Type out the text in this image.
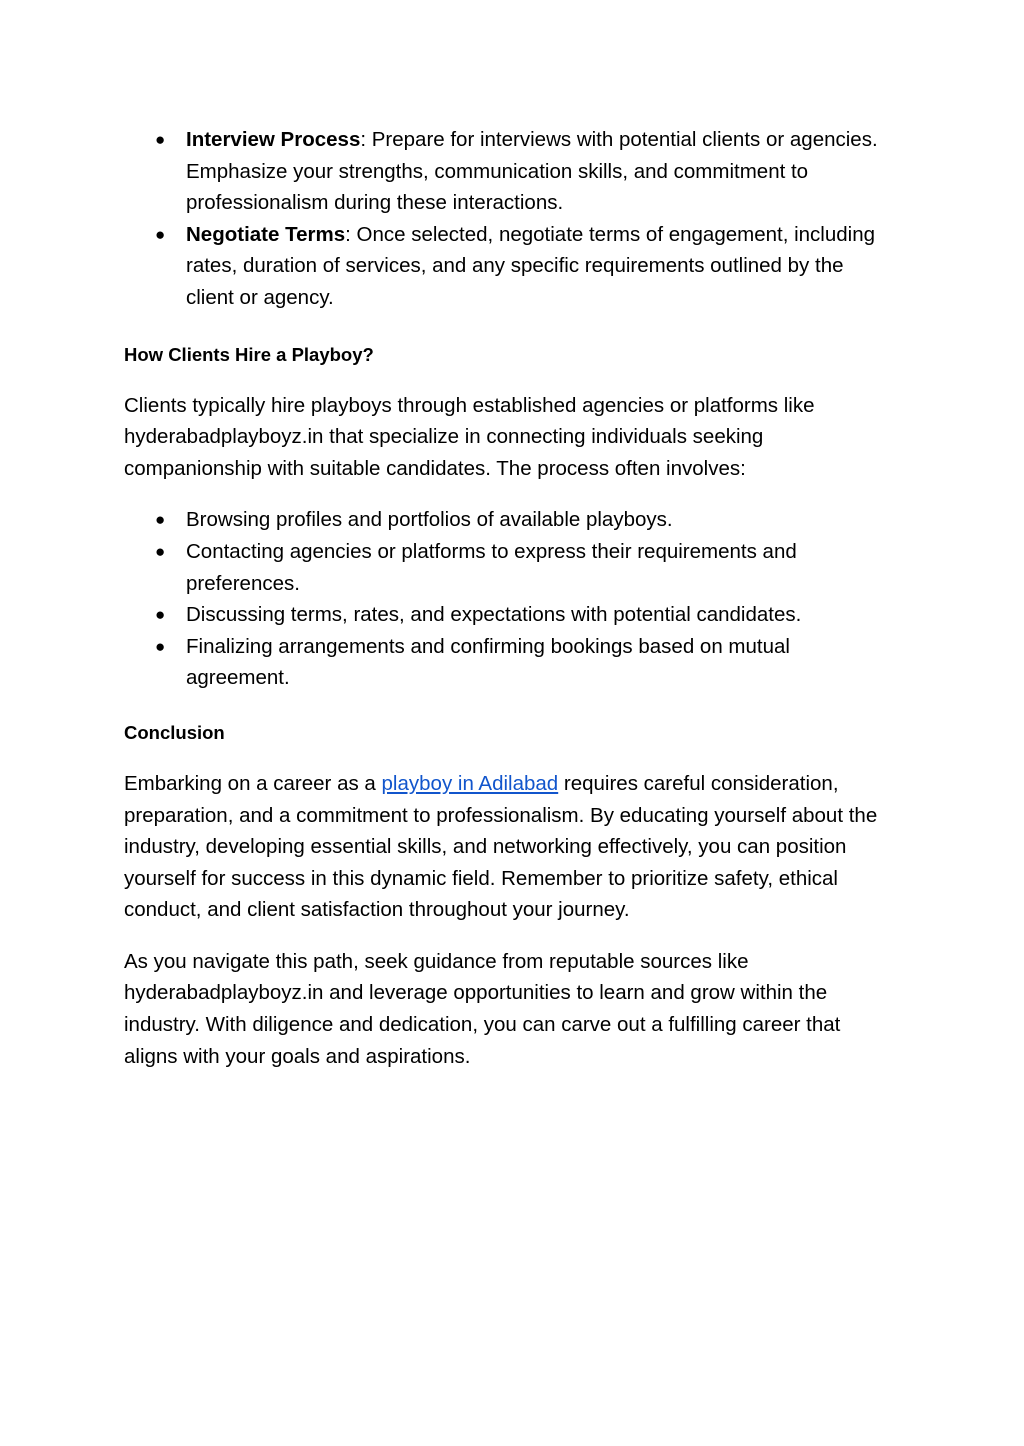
● Interview Process: Prepare for interviews with potential clients or agencies. Emphasize your strengths, communication skills, and commitment to professionalism during these interactions.
● Negotiate Terms: Once selected, negotiate terms of engagement, including rates, duration of services, and any specific requirements outlined by the client or agency.
How Clients Hire a Playboy?

Clients typically hire playboys through established agencies or platforms like hyderabadplayboyz.in that specialize in connecting individuals seeking companionship with suitable candidates. The process often involves:

● Browsing profiles and portfolios of available playboys.
● Contacting agencies or platforms to express their requirements and preferences.
● Discussing terms, rates, and expectations with potential candidates.
● Finalizing arrangements and confirming bookings based on mutual agreement.
Conclusion

Embarking on a career as a playboy in Adilabad requires careful consideration, preparation, and a commitment to professionalism. By educating yourself about the industry, developing essential skills, and networking effectively, you can position yourself for success in this dynamic field. Remember to prioritize safety, ethical conduct, and client satisfaction throughout your journey.

As you navigate this path, seek guidance from reputable sources like hyderabadplayboyz.in and leverage opportunities to learn and grow within the industry. With diligence and dedication, you can carve out a fulfilling career that aligns with your goals and aspirations.
